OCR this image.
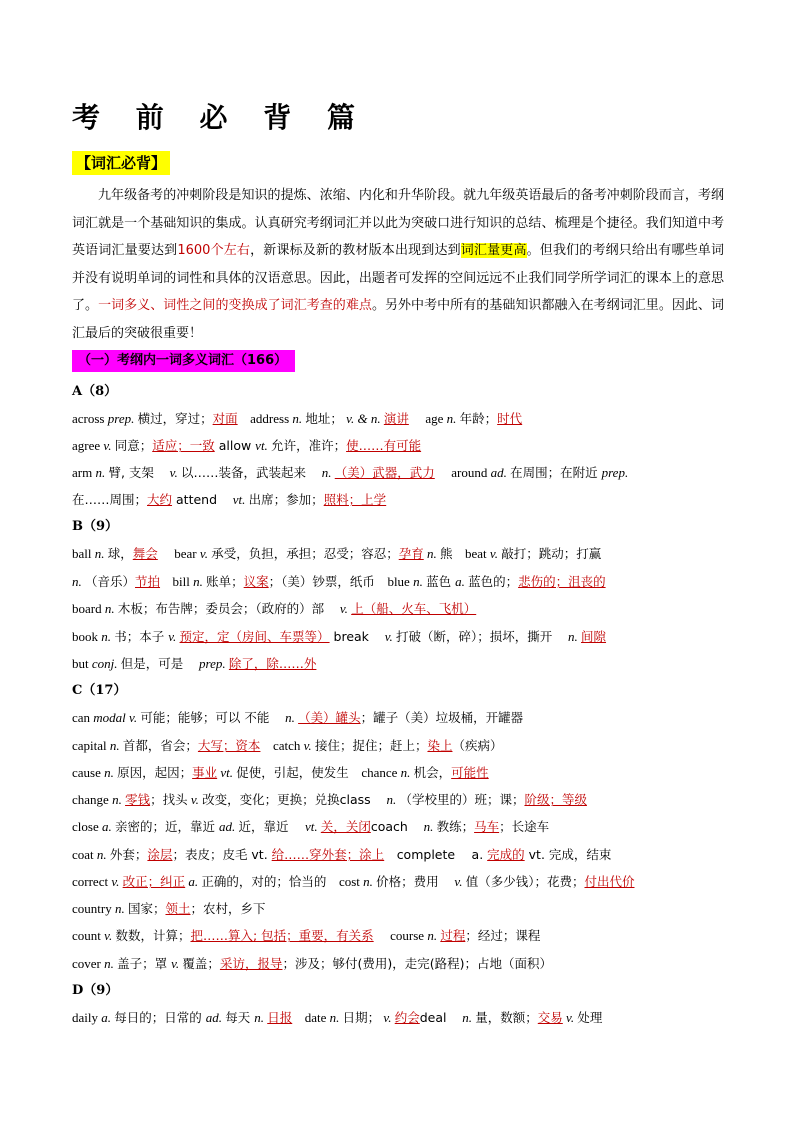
考 前 必 背 篇
【词汇必背】

九年级备考的冲刺阶段是知识的提炼、浓缩、内化和升华阶段。就九年级英语最后的备考冲刺阶段而言，考纲词汇就是一个基础知识的集成。认真研究考纲词汇并以此为突破口进行知识的总结、梳理是个捷径。我们知道中考英语词汇量要达到1600个左右，新课标及新的教材版本出现到达到词汇量更高。但我们的考纲只给出有哪些单词并没有说明单词的词性和具体的汉语意思。因此，出题者可发挥的空间远远不止我们同学所学词汇的课本上的意思了。一词多义、词性之间的变换成了词汇考查的难点。另外中考中所有的基础知识都融入在考纲词汇里。因此、词汇最后的突破很重要！

（一）考纲内一词多义词汇（166）
A（8）
across prep. 横过，穿过；对面　 address n. 地址； v. & n. 演讲　 age n. 年龄；时代
agree v. 同意；适应；一致 allow vt. 允许，准许；使……有可能
arm n. 臂, 支架　 v. 以……装备，武装起来　 n. （美）武器，武力　 around ad. 在周围；在附近 prep.
在……周围；大约 attend　 vt. 出席；参加；照料；上学
B（9）
ball n. 球，舞会　 bear v. 承受，负担，承担；忍受；容忍；孕育 n. 熊　beat v. 敲打；跳动；打赢
n. （音乐）节拍　 bill n. 账单；议案；（美）钞票，纸币　blue n. 蓝色 a. 蓝色的；悲伤的；沮丧的
board n. 木板；布告牌；委员会；（政府的）部　 v. 上（船、火车、飞机）
book n. 书；本子 v. 预定，定（房间、车票等） break　 v. 打破（断，碎）；损坏，撕开　 n. 间隙
but conj. 但是，可是　 prep. 除了，除……外
C（17）
can modal v. 可能；能够；可以 不能　 n. （美）罐头；罐子（美）垃圾桶，开罐器
capital n. 首都，省会；大写；资本　 catch v. 接住；捉住；赶上；染上（疾病）
cause n. 原因，起因；事业 vt. 促使，引起，使发生　chance n. 机会，可能性
change n. 零钱；找头 v. 改变，变化；更换；兑换class　 n. （学校里的）班；课；阶级；等级
close a. 亲密的；近，靠近 ad. 近，靠近　 vt. 关，关闭coach　 n. 教练；马车；长途车
coat n. 外套；涂层；表皮；皮毛 vt. 给……穿外套；涂上　complete　 a. 完成的 vt. 完成，结束
correct v. 改正；纠正 a. 正确的，对的；恰当的　cost n. 价格；费用　 v. 值（多少钱）；花费；付出代价
country n. 国家；领土；农村，乡下
count v. 数数，计算；把……算入; 包括；重要，有关系　 course n. 过程；经过；课程
cover n. 盖子；罩 v. 覆盖；采访，报导；涉及；够付(费用)，走完(路程)；占地（面积）
D（9）
daily a. 每日的；日常的 ad. 每天 n. 日报　 date n. 日期； v. 约会deal　 n. 量，数额；交易 v. 处理
